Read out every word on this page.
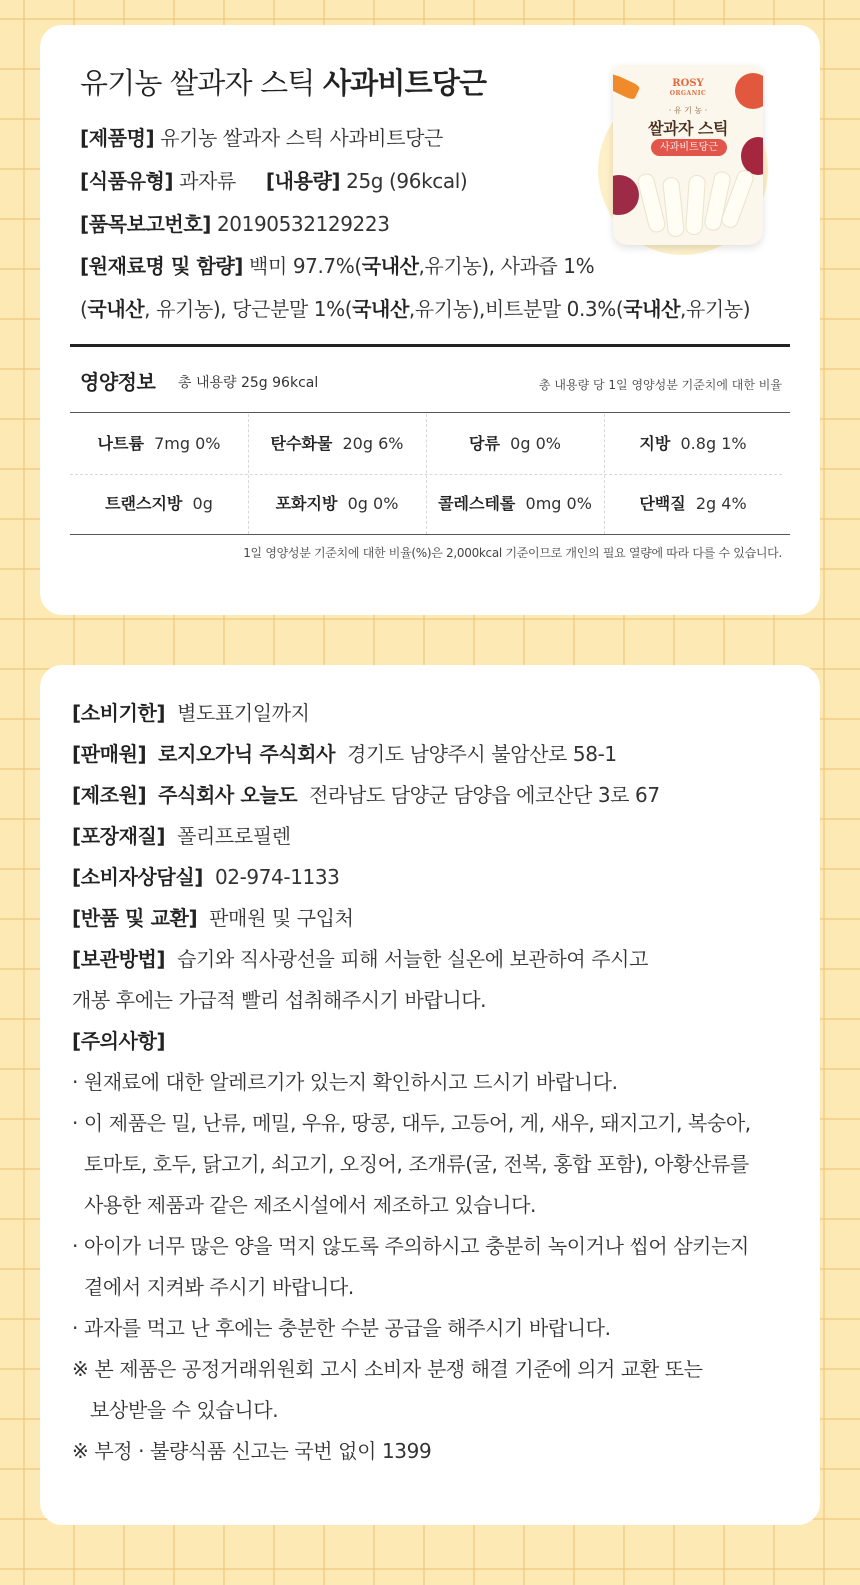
유기농 쌀과자 스틱 사과비트당근	ROSY
ORGANIC
· 유 기 농 ·
쌀과자 스틱
사과비트당근
[제품명] 유기농 쌀과자 스틱 사과비트당근
[식품유형] 과자류 [내용량] 25g (96kcal)
[품목보고번호] 20190532129223
[원재료명 및 함량] 백미 97.7%(국내산,유기농), 사과즙 1%
(국내산, 유기농), 당근분말 1%(국내산,유기농),비트분말 0.3%(국내산,유기농)
영양정보 총 내용량 25g 96kcal	총 내용량 당 1일 영양성분 기준치에 대한 비율
나트륨 7mg 0%	탄수화물 20g 6%	당류 0g 0%	지방 0.8g 1%
트랜스지방 0g	포화지방 0g 0%	콜레스테롤 0mg 0%	단백질 2g 4%
1일 영양성분 기준치에 대한 비율(%)은 2,000kcal 기준이므로 개인의 필요 열량에 따라 다를 수 있습니다.
[소비기한] 별도표기일까지
[판매원] 로지오가닉 주식회사 경기도 남양주시 불암산로 58-1
[제조원] 주식회사 오늘도 전라남도 담양군 담양읍 에코산단 3로 67
[포장재질] 폴리프로필렌
[소비자상담실] 02-974-1133
[반품 및 교환] 판매원 및 구입처
[보관방법] 습기와 직사광선을 피해 서늘한 실온에 보관하여 주시고
개봉 후에는 가급적 빨리 섭취해주시기 바랍니다.
[주의사항]
· 원재료에 대한 알레르기가 있는지 확인하시고 드시기 바랍니다.
· 이 제품은 밀, 난류, 메밀, 우유, 땅콩, 대두, 고등어, 게, 새우, 돼지고기, 복숭아,
토마토, 호두, 닭고기, 쇠고기, 오징어, 조개류(굴, 전복, 홍합 포함), 아황산류를
사용한 제품과 같은 제조시설에서 제조하고 있습니다.
· 아이가 너무 많은 양을 먹지 않도록 주의하시고 충분히 녹이거나 씹어 삼키는지
곁에서 지켜봐 주시기 바랍니다.
· 과자를 먹고 난 후에는 충분한 수분 공급을 해주시기 바랍니다.
※ 본 제품은 공정거래위원회 고시 소비자 분쟁 해결 기준에 의거 교환 또는
보상받을 수 있습니다.
※ 부정 · 불량식품 신고는 국번 없이 1399
